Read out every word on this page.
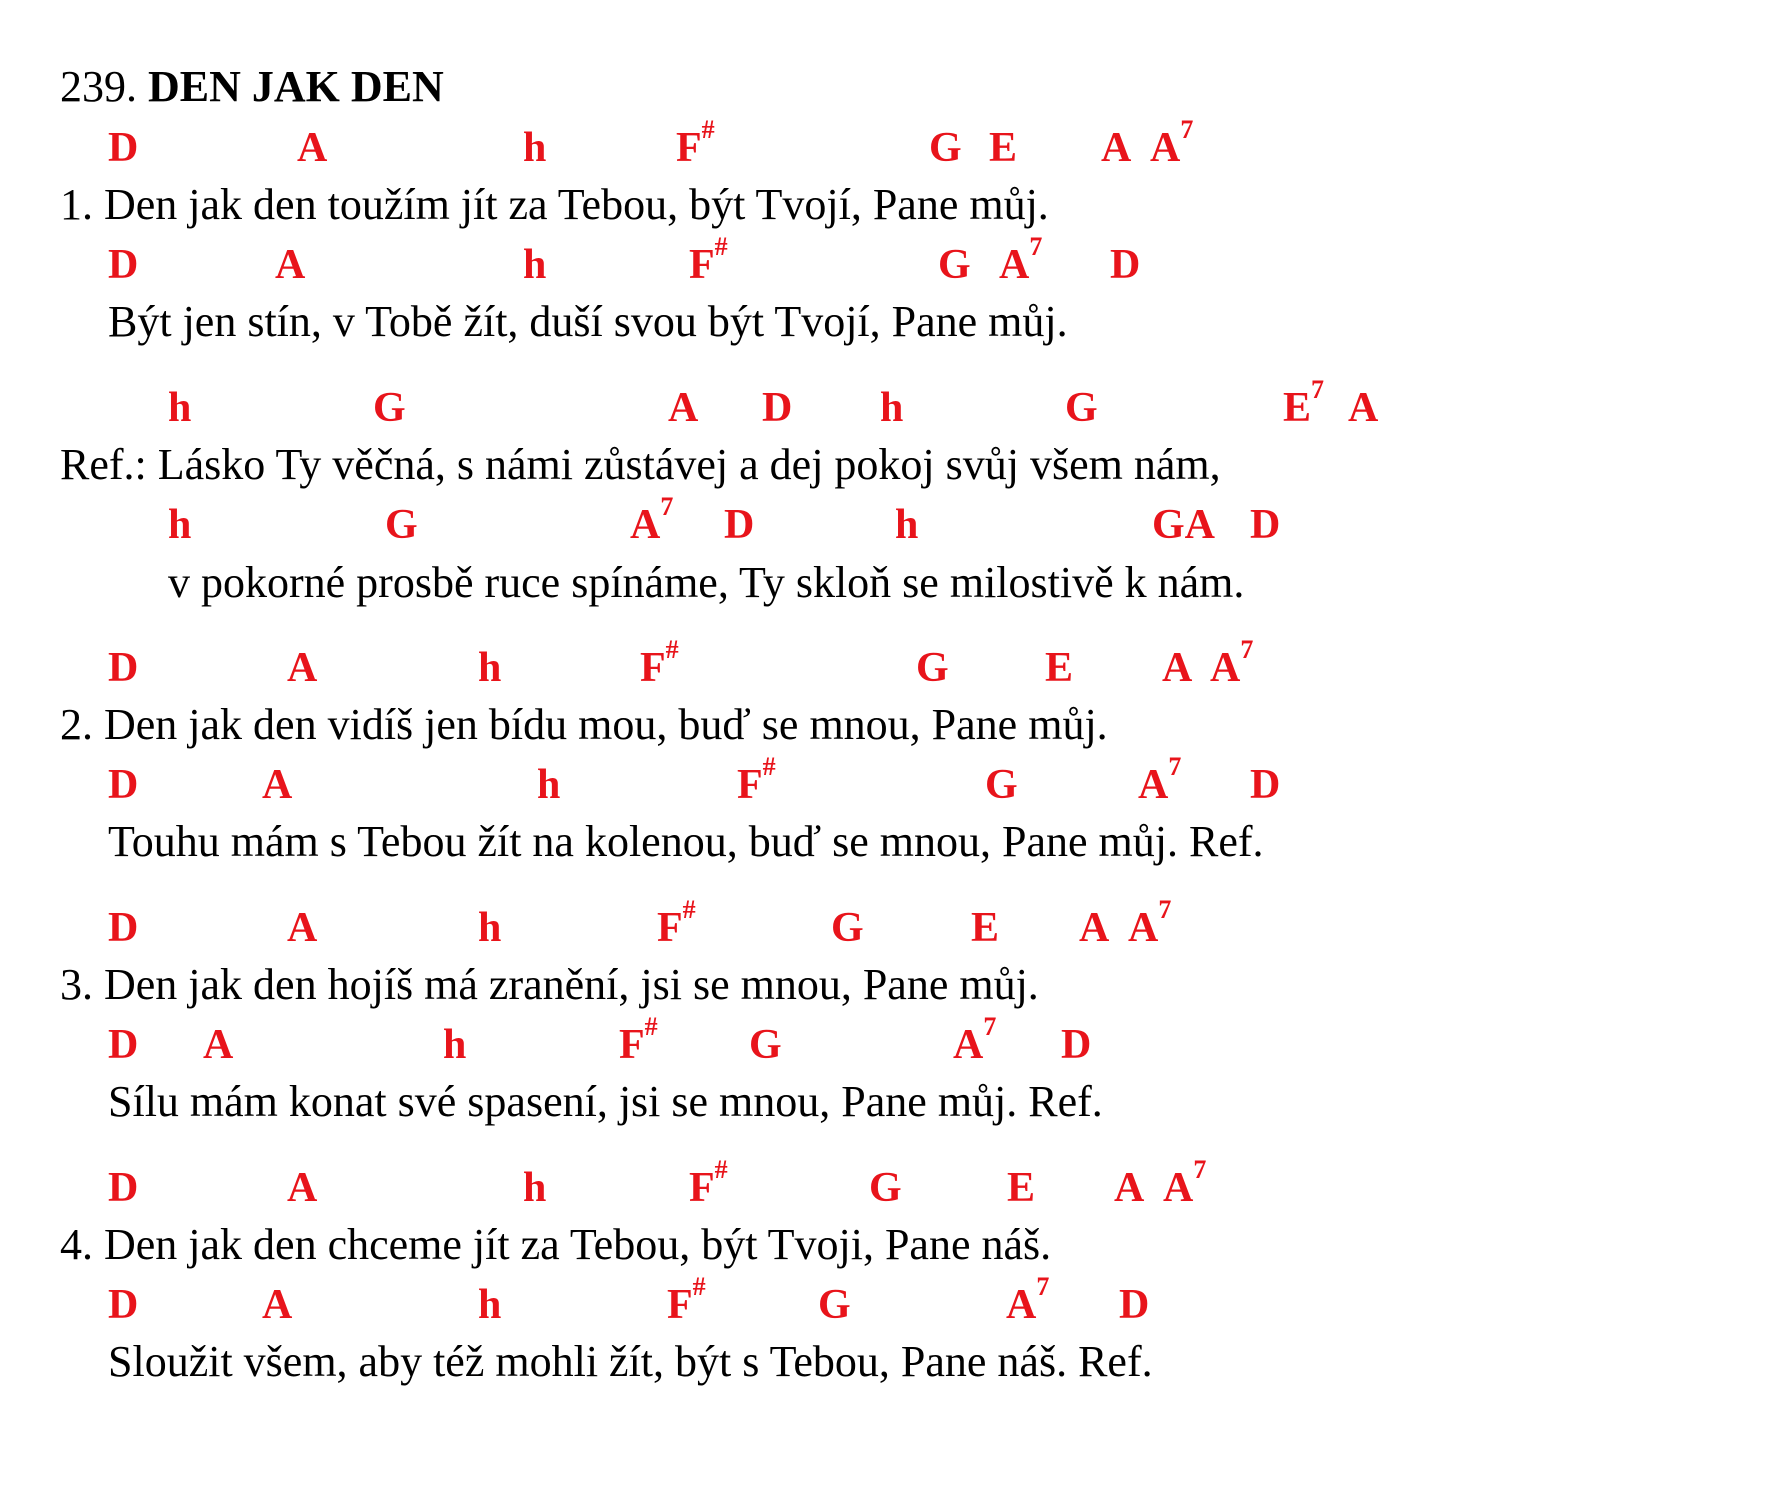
239. DEN JAK DEN
D	A	h	F#	G E A $A^7$
1. Den jak den toužím jít za Tebou, být Tvojí, Pane můj.
D	A	h	F#	G $A^7$ D
Být jen stín, v Tobě žít, duší svou být Tvojí, Pane můj.
h	G	A D h	G	$E^7$ A
Ref.: Lásko Ty věčná, s námi zůstávej a dej pokoj svůj všem nám,
h	G	$A^7$ D	h	GA D
v pokorné prosbě ruce spínáme, Ty skloň se milostivě k nám.
D	A	h	F#	G E A $A^7$
2. Den jak den vidíš jen bídu mou, buď se mnou, Pane můj.
D	A	h	F#	G	$A^7$ D
Touhu mám s Tebou žít na kolenou, buď se mnou, Pane můj. Ref.
D	A	h	F#	G	E A $A^7$
3. Den jak den hojíš má zranění, jsi se mnou, Pane můj.
D A	h	F# G	$A^7$ D
Sílu mám konat své spasení, jsi se mnou, Pane můj. Ref.
D	A	h	F#	G	E A $A^7$
4. Den jak den chceme jít za Tebou, být Tvoji, Pane náš.
D	A	h	F#	G	$A^7$ D
Sloužit všem, aby též mohli žít, být s Tebou, Pane náš. Ref.
